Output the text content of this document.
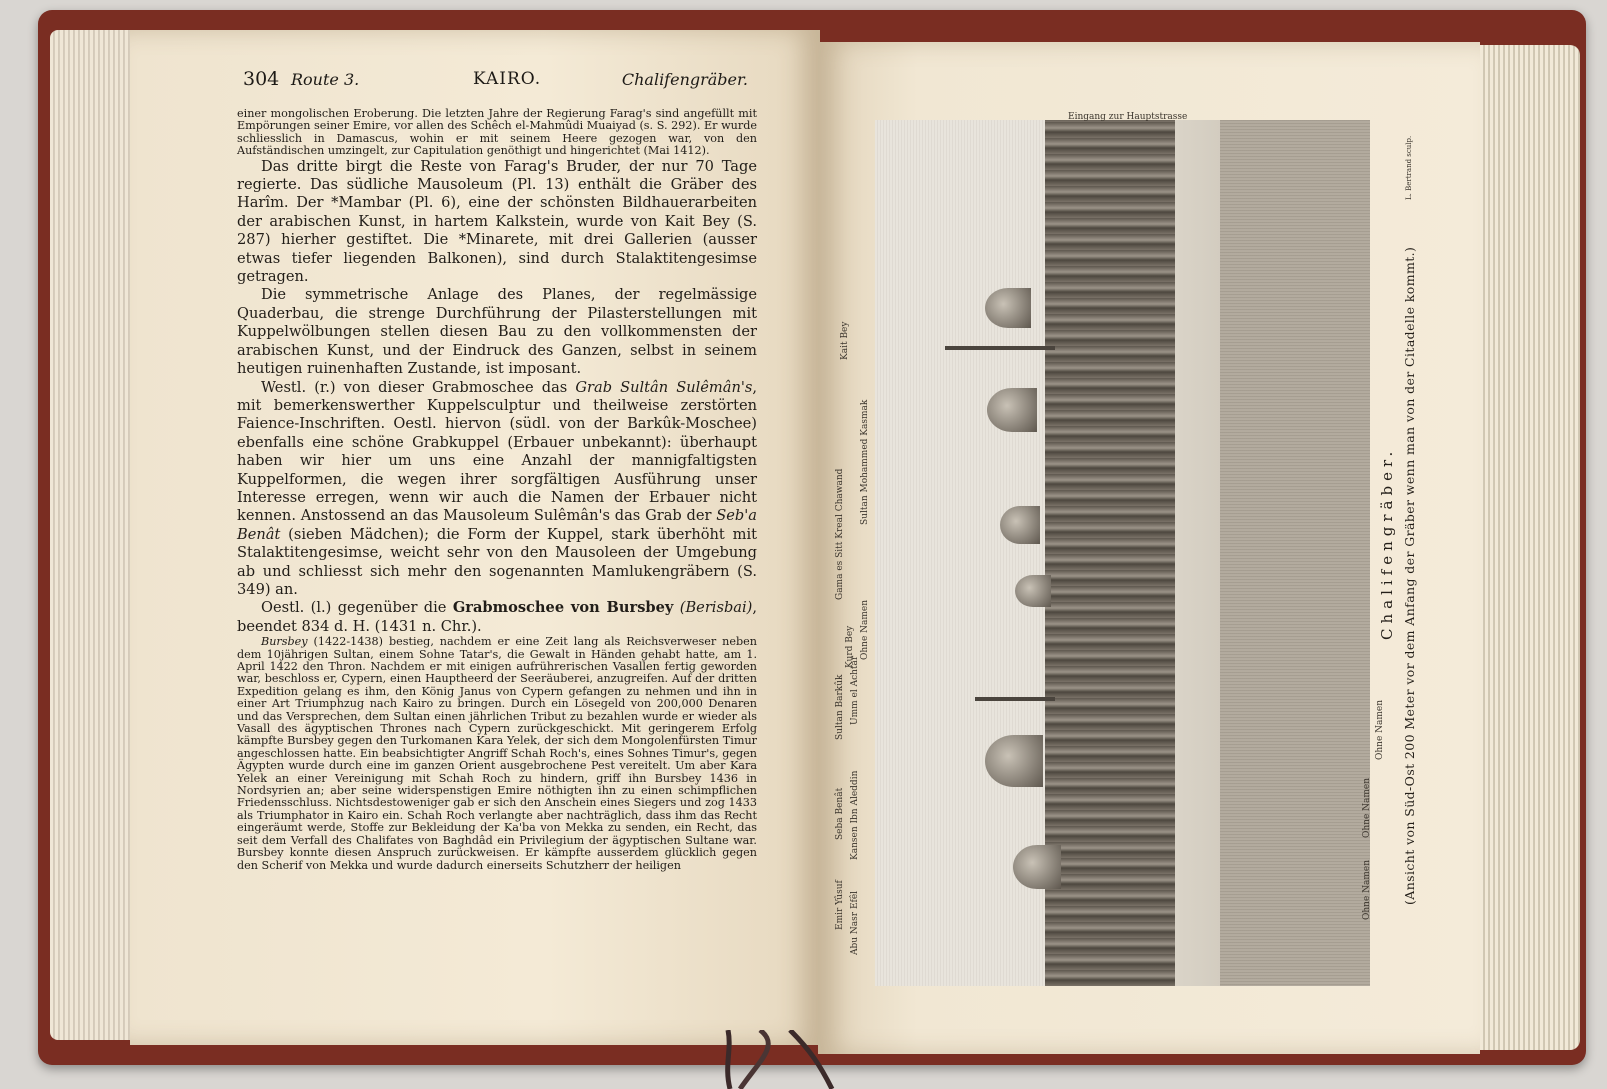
304 Route 3.	KAIRO.	Chalifengräber.

einer mongolischen Eroberung. Die letzten Jahre der Regierung Farag's sind angefüllt mit Empörungen seiner Emire, vor allen des Schêch el-Mahmûdi Muaiyad (s. S. 292). Er wurde schliesslich in Damascus, wohin er mit seinem Heere gezogen war, von den Aufständischen umzingelt, zur Capitulation genöthigt und hingerichtet (Mai 1412).

Das dritte birgt die Reste von Farag's Bruder, der nur 70 Tage regierte. Das südliche Mausoleum (Pl. 13) enthält die Gräber des Harîm. Der *Mambar (Pl. 6), eine der schönsten Bildhauerarbeiten der arabischen Kunst, in hartem Kalkstein, wurde von Kait Bey (S. 287) hierher gestiftet. Die *Minarete, mit drei Gallerien (ausser etwas tiefer liegenden Balkonen), sind durch Stalaktitengesimse getragen.

Die symmetrische Anlage des Planes, der regelmässige Quaderbau, die strenge Durchführung der Pilasterstellungen mit Kuppelwölbungen stellen diesen Bau zu den vollkommensten der arabischen Kunst, und der Eindruck des Ganzen, selbst in seinem heutigen ruinenhaften Zustande, ist imposant.

Westl. (r.) von dieser Grabmoschee das Grab Sultân Sulêmân's, mit bemerkenswerther Kuppelsculptur und theilweise zerstörten Faience-Inschriften. Oestl. hiervon (südl. von der Barkûk-Moschee) ebenfalls eine schöne Grabkuppel (Erbauer unbekannt): überhaupt haben wir hier um uns eine Anzahl der mannigfaltigsten Kuppelformen, die wegen ihrer sorgfältigen Ausführung unser Interesse erregen, wenn wir auch die Namen der Erbauer nicht kennen. Anstossend an das Mausoleum Sulêmân's das Grab der Seb'a Benât (sieben Mädchen); die Form der Kuppel, stark überhöht mit Stalaktitengesimse, weicht sehr von den Mausoleen der Umgebung ab und schliesst sich mehr den sogenannten Mamlukengräbern (S. 349) an.

Oestl. (l.) gegenüber die Grabmoschee von Bursbey (Berisbai), beendet 834 d. H. (1431 n. Chr.).

Bursbey (1422-1438) bestieg, nachdem er eine Zeit lang als Reichsverweser neben dem 10jährigen Sultan, einem Sohne Tatar's, die Gewalt in Händen gehabt hatte, am 1. April 1422 den Thron. Nachdem er mit einigen aufrührerischen Vasallen fertig geworden war, beschloss er, Cypern, einen Hauptheerd der Seeräuberei, anzugreifen. Auf der dritten Expedition gelang es ihm, den König Janus von Cypern gefangen zu nehmen und ihn in einer Art Triumphzug nach Kairo zu bringen. Durch ein Lösegeld von 200,000 Denaren und das Versprechen, dem Sultan einen jährlichen Tribut zu bezahlen wurde er wieder als Vasall des ägyptischen Thrones nach Cypern zurückgeschickt. Mit geringerem Erfolg kämpfte Bursbey gegen den Turkomanen Kara Yelek, der sich dem Mongolenfürsten Timur angeschlossen hatte. Ein beabsichtigter Angriff Schah Roch's, eines Sohnes Timur's, gegen Ägypten wurde durch eine im ganzen Orient ausgebrochene Pest vereitelt. Um aber Kara Yelek an einer Vereinigung mit Schah Roch zu hindern, griff ihn Bursbey 1436 in Nordsyrien an; aber seine widerspenstigen Emire nöthigten ihn zu einen schimpflichen Friedensschluss. Nichtsdestoweniger gab er sich den Anschein eines Siegers und zog 1433 als Triumphator in Kairo ein. Schah Roch verlangte aber nachträglich, dass ihm das Recht eingeräumt werde, Stoffe zur Bekleidung der Ka'ba von Mekka zu senden, ein Recht, das seit dem Verfall des Chalifates von Baghdâd ein Privilegium der ägyptischen Sultane war. Bursbey konnte diesen Anspruch zurückweisen. Er kämpfte ausserdem glücklich gegen den Scherif von Mekka und wurde dadurch einerseits Schutzherr der heiligen

Eingang zur Hauptstrasse
L. Bertrand sculp.
Emir Yûsuf Abu Nasr Efêl
Seba Benât Kansen Ibn Aleddin
Sultan Barkûk Umm el Achtar
Ohne Namen
Kurd Bey
Gama es Sitt Kreal Chawand
Sultan Mohammed Kasmak
Kait Bey
Ohne Namen
Ohne Namen
Ohne Namen
Chalifengräber. (Ansicht von Süd-Ost 200 Meter vor dem Anfang der Gräber wenn man von der Citadelle kommt.)
